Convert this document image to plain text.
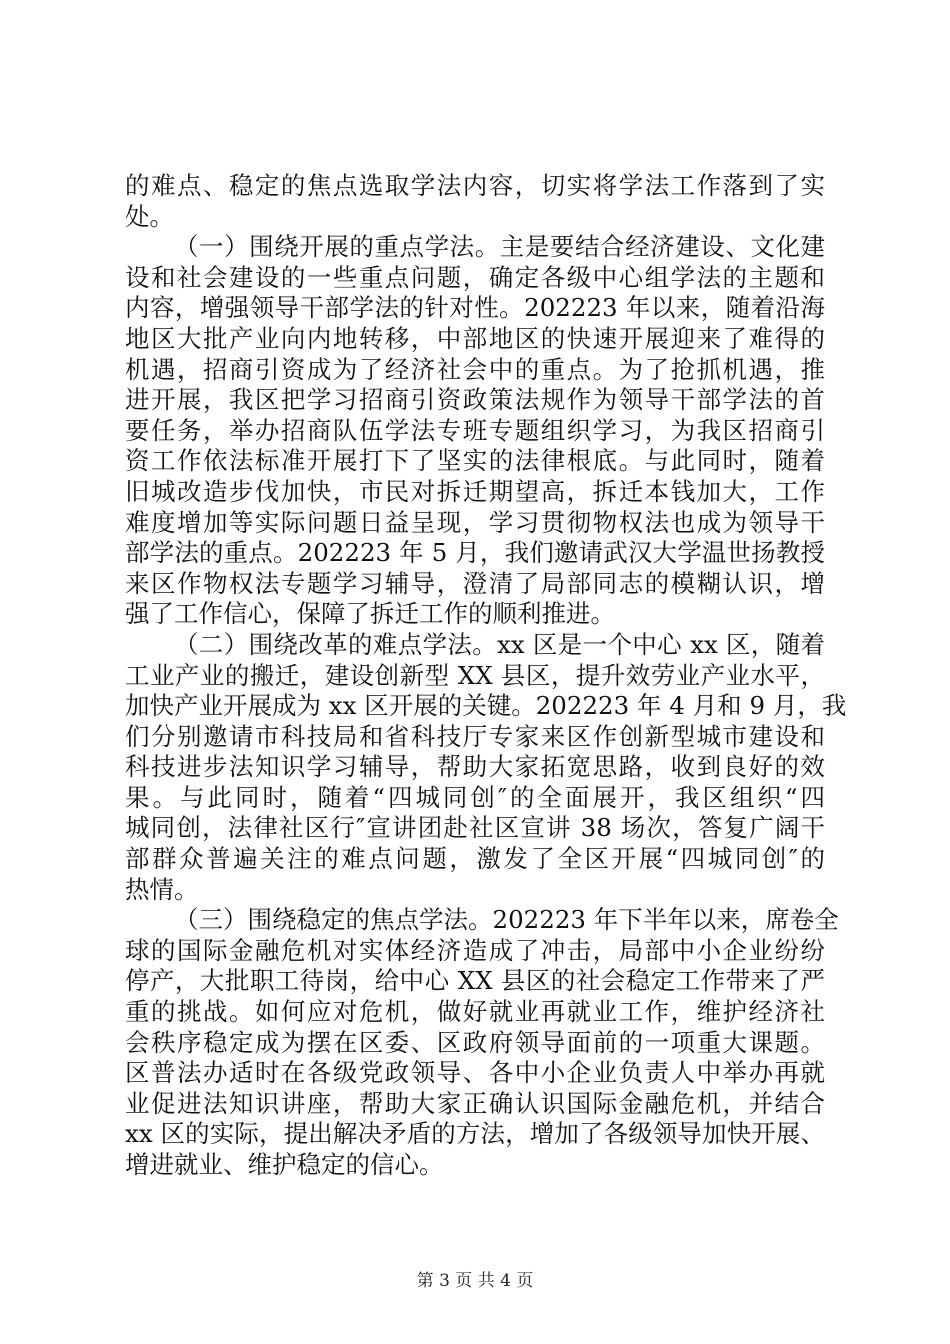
的难点、稳定的焦点选取学法内容，切实将学法工作落到了实
处。
（一）围绕开展的重点学法。主是要结合经济建设、文化建
设和社会建设的一些重点问题，确定各级中心组学法的主题和
内容，增强领导干部学法的针对性。202223 年以来，随着沿海
地区大批产业向内地转移，中部地区的快速开展迎来了难得的
机遇，招商引资成为了经济社会中的重点。为了抢抓机遇，推
进开展，我区把学习招商引资政策法规作为领导干部学法的首
要任务，举办招商队伍学法专班专题组织学习，为我区招商引
资工作依法标准开展打下了坚实的法律根底。与此同时，随着
旧城改造步伐加快，市民对拆迁期望高，拆迁本钱加大，工作
难度增加等实际问题日益呈现，学习贯彻物权法也成为领导干
部学法的重点。202223 年 5 月，我们邀请武汉大学温世扬教授
来区作物权法专题学习辅导，澄清了局部同志的模糊认识，增
强了工作信心，保障了拆迁工作的顺利推进。
（二）围绕改革的难点学法。xx 区是一个中心 xx 区，随着
工业产业的搬迁，建设创新型 XX 县区，提升效劳业产业水平，
加快产业开展成为 xx 区开展的关键。202223 年 4 月和 9 月，我
们分别邀请市科技局和省科技厅专家来区作创新型城市建设和
科技进步法知识学习辅导，帮助大家拓宽思路，收到良好的效
果。与此同时，随着“四城同创″的全面展开，我区组织“四
城同创，法律社区行″宣讲团赴社区宣讲 38 场次，答复广阔干
部群众普遍关注的难点问题，激发了全区开展“四城同创″的
热情。
（三）围绕稳定的焦点学法。202223 年下半年以来，席卷全
球的国际金融危机对实体经济造成了冲击，局部中小企业纷纷
停产，大批职工待岗，给中心 XX 县区的社会稳定工作带来了严
重的挑战。如何应对危机，做好就业再就业工作，维护经济社
会秩序稳定成为摆在区委、区政府领导面前的一项重大课题。
区普法办适时在各级党政领导、各中小企业负责人中举办再就
业促进法知识讲座，帮助大家正确认识国际金融危机，并结合
xx 区的实际，提出解决矛盾的方法，增加了各级领导加快开展、
增进就业、维护稳定的信心。
第 3 页 共 4 页
